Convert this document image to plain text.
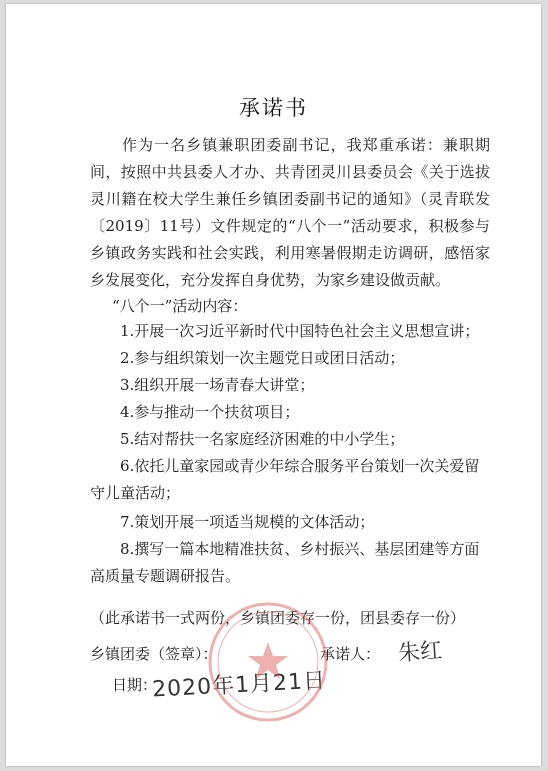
承诺书
作为一名乡镇兼职团委副书记，我郑重承诺：兼职期间，按照中共县委人才办、共青团灵川县委员会《关于选拔灵川籍在校大学生兼任乡镇团委副书记的通知》（灵青联发〔2019〕11号）文件规定的“八个一”活动要求，积极参与乡镇政务实践和社会实践，利用寒暑假期走访调研，感悟家乡发展变化，充分发挥自身优势，为家乡建设做贡献。
“八个一”活动内容：
1.开展一次习近平新时代中国特色社会主义思想宣讲；
2.参与组织策划一次主题党日或团日活动；
3.组织开展一场青春大讲堂；
4.参与推动一个扶贫项目；
5.结对帮扶一名家庭经济困难的中小学生；
6.依托儿童家园或青少年综合服务平台策划一次关爱留守儿童活动；
7.策划开展一项适当规模的文体活动；
8.撰写一篇本地精准扶贫、乡村振兴、基层团建等方面高质量专题调研报告。
（此承诺书一式两份，乡镇团委存一份，团县委存一份）
乡镇团委（签章）：	承诺人： 朱红
日期：
2020年1月21日
